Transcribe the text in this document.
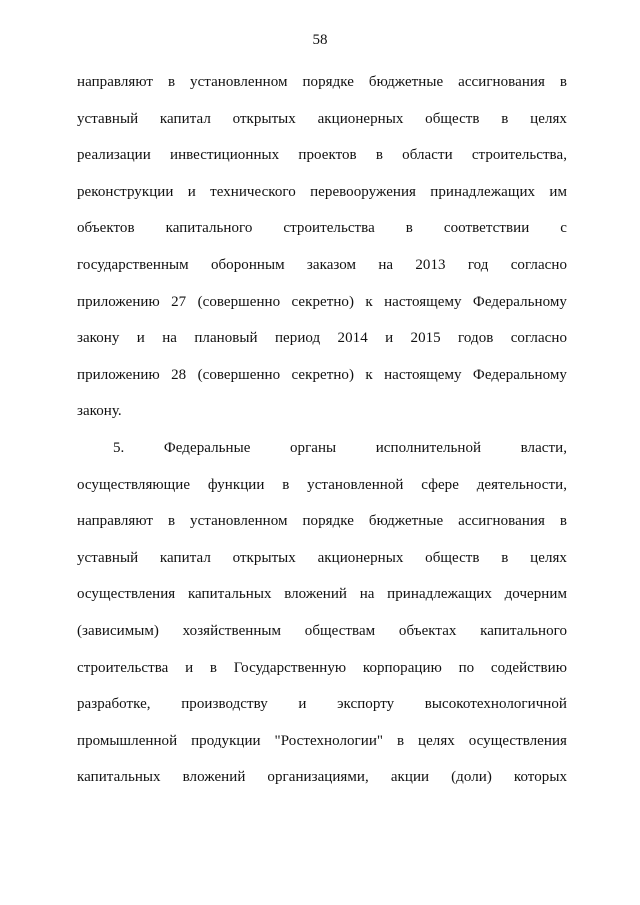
58
направляют в установленном порядке бюджетные ассигнования в
уставный капитал открытых акционерных обществ в целях
реализации инвестиционных проектов в области строительства,
реконструкции и технического перевооружения принадлежащих им
объектов капитального строительства в соответствии с
государственным оборонным заказом на 2013 год согласно
приложению 27 (совершенно секретно) к настоящему Федеральному
закону и на плановый период 2014 и 2015 годов согласно
приложению 28 (совершенно секретно) к настоящему Федеральному
закону.
5. Федеральные органы исполнительной власти,
осуществляющие функции в установленной сфере деятельности,
направляют в установленном порядке бюджетные ассигнования в
уставный капитал открытых акционерных обществ в целях
осуществления капитальных вложений на принадлежащих дочерним
(зависимым) хозяйственным обществам объектах капитального
строительства и в Государственную корпорацию по содействию
разработке, производству и экспорту высокотехнологичной
промышленной продукции "Ростехнологии" в целях осуществления
капитальных вложений организациями, акции (доли) которых
